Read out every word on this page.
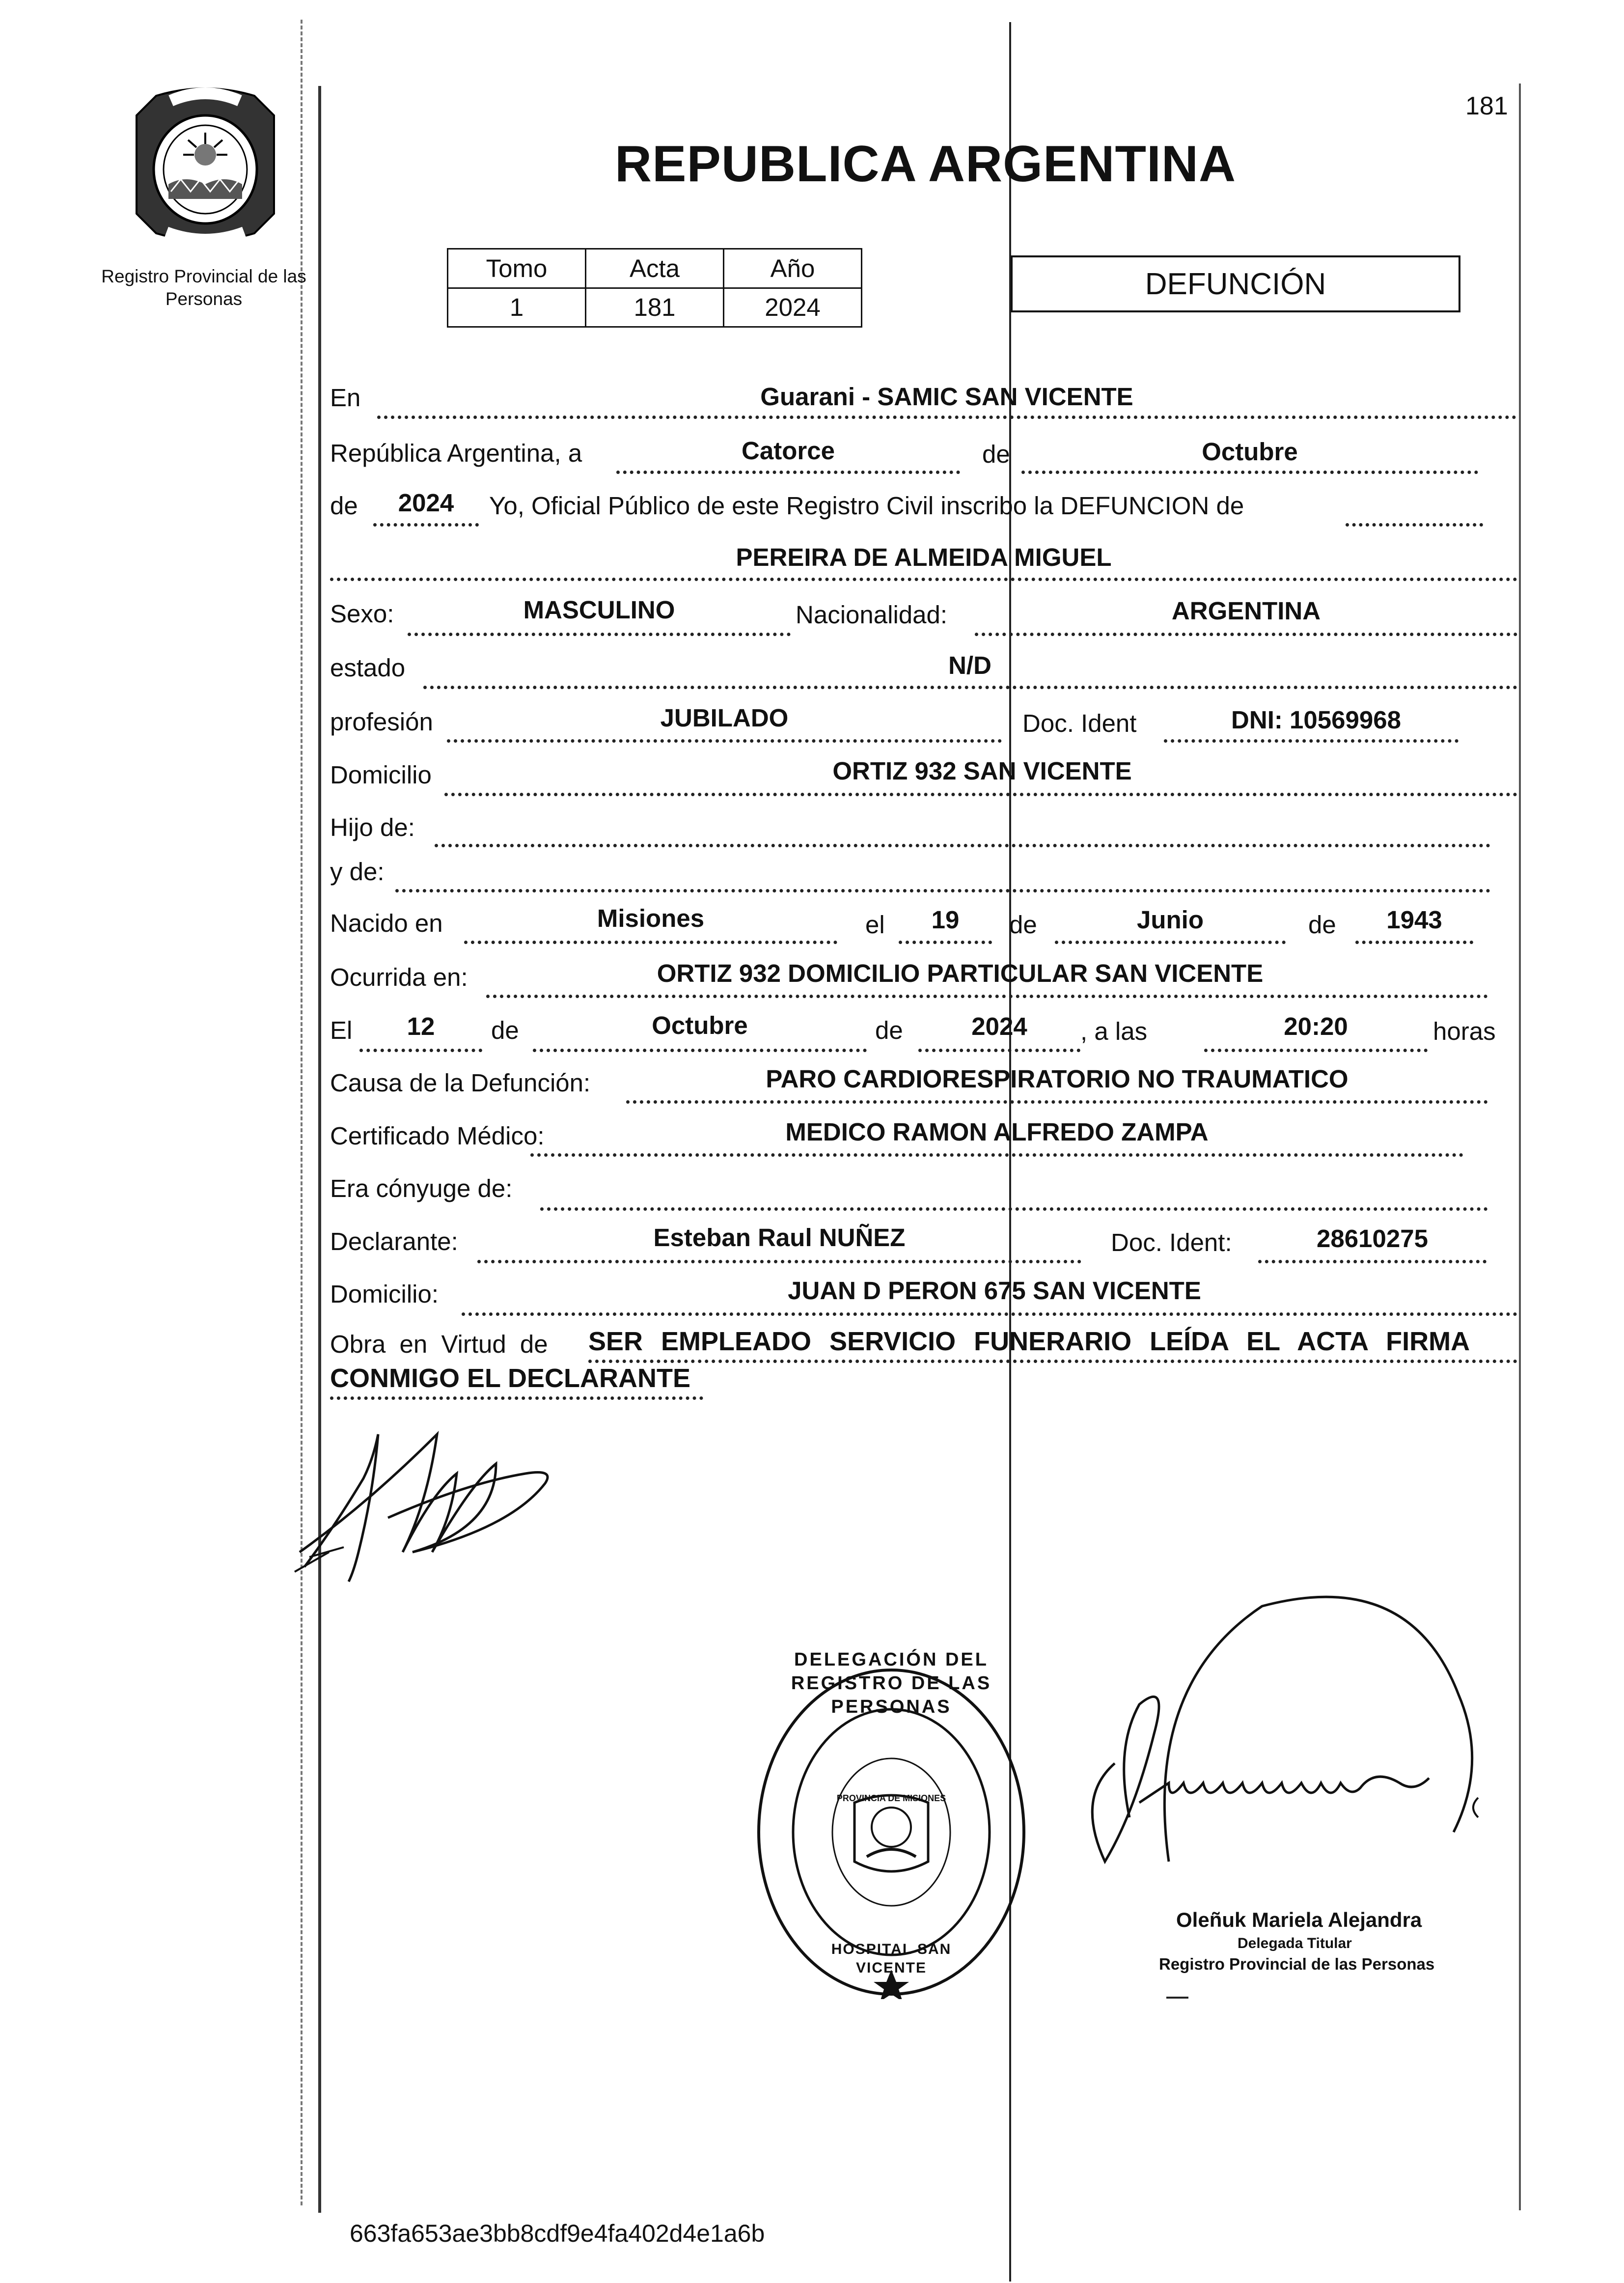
181
Registro Provincial de las Personas
REPUBLICA ARGENTINA
Tomo	Acta	Año
1	181	2024
DEFUNCIÓN
En	Guarani - SAMIC SAN VICENTE
República Argentina, a	Catorce	de	Octubre
de	2024	Yo, Oficial Público de este Registro Civil inscribo la DEFUNCION de
PEREIRA DE ALMEIDA MIGUEL
Sexo:	MASCULINO	Nacionalidad:	ARGENTINA
estado	N/D
profesión	JUBILADO	Doc. Ident	DNI: 10569968
Domicilio	ORTIZ 932 SAN VICENTE
Hijo de:
y de:
Nacido en	Misiones	el	19	de	Junio	de	1943
Ocurrida en:	ORTIZ 932 DOMICILIO PARTICULAR SAN VICENTE
El	12	de	Octubre	de	2024	, a las	20:20	horas
Causa de la Defunción:	PARO CARDIORESPIRATORIO NO TRAUMATICO
Certificado Médico:	MEDICO RAMON ALFREDO ZAMPA
Era cónyuge de:
Declarante:	Esteban Raul NUÑEZ	Doc. Ident:	28610275
Domicilio:	JUAN D PERON 675 SAN VICENTE
Obra en Virtud de SER EMPLEADO SERVICIO FUNERARIO LEÍDA EL ACTA FIRMA
CONMIGO EL DECLARANTE
DELEGACIÓN DEL REGISTRO DE LAS PERSONAS
HOSPITAL SAN VICENTE
PROVINCIA DE MISIONES
Oleñuk Mariela Alejandra
Delegada Titular
Registro Provincial de las Personas
663fa653ae3bb8cdf9e4fa402d4e1a6b
